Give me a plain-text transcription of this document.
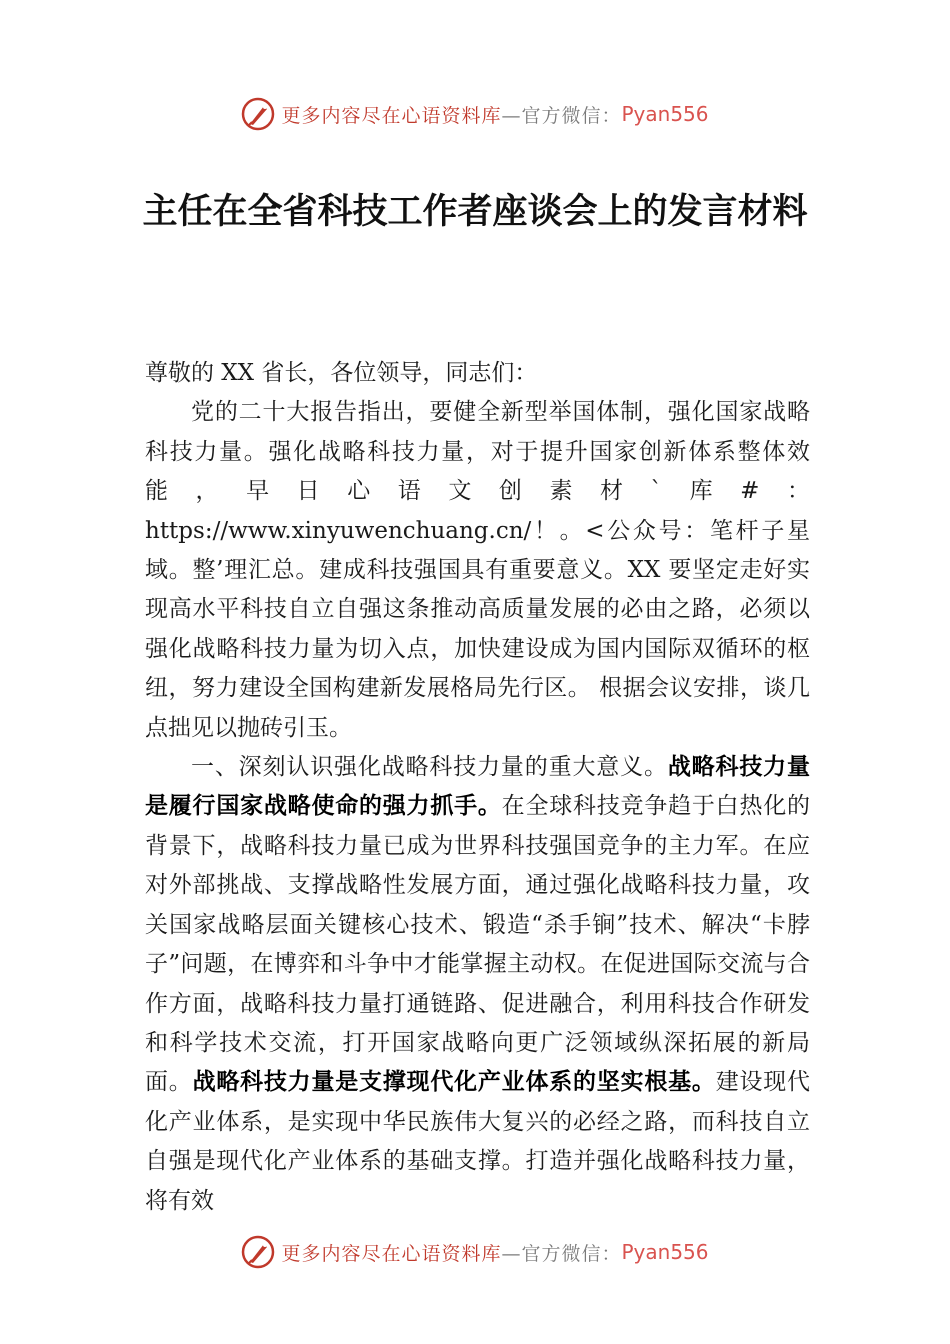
更多内容尽在心语资料库 —官方微信： Pyan556
主任在全省科技工作者座谈会上的发言材料

尊敬的 XX 省长，各位领导，同志们：

党的二十大报告指出，要健全新型举国体制，强化国家战略科技力量。强化战略科技力量，对于提升国家创新体系整体效能，早日心语文创素材`库#：https://www.xinyuwenchuang.cn/！。<公众号：笔杆子星域。整’理汇总。建成科技强国具有重要意义。XX 要坚定走好实现高水平科技自立自强这条推动高质量发展的必由之路，必须以强化战略科技力量为切入点，加快建设成为国内国际双循环的枢纽，努力建设全国构建新发展格局先行区。 根据会议安排，谈几点拙见以抛砖引玉。

一、深刻认识强化战略科技力量的重大意义。战略科技力量是履行国家战略使命的强力抓手。在全球科技竞争趋于白热化的背景下，战略科技力量已成为世界科技强国竞争的主力军。在应对外部挑战、支撑战略性发展方面，通过强化战略科技力量，攻关国家战略层面关键核心技术、锻造“杀手锏”技术、解决“卡脖子”问题，在博弈和斗争中才能掌握主动权。在促进国际交流与合作方面，战略科技力量打通链路、促进融合，利用科技合作研发和科学技术交流，打开国家战略向更广泛领域纵深拓展的新局面。战略科技力量是支撑现代化产业体系的坚实根基。建设现代化产业体系，是实现中华民族伟大复兴的必经之路，而科技自立自强是现代化产业体系的基础支撑。打造并强化战略科技力量，将有效

更多内容尽在心语资料库 —官方微信： Pyan556
